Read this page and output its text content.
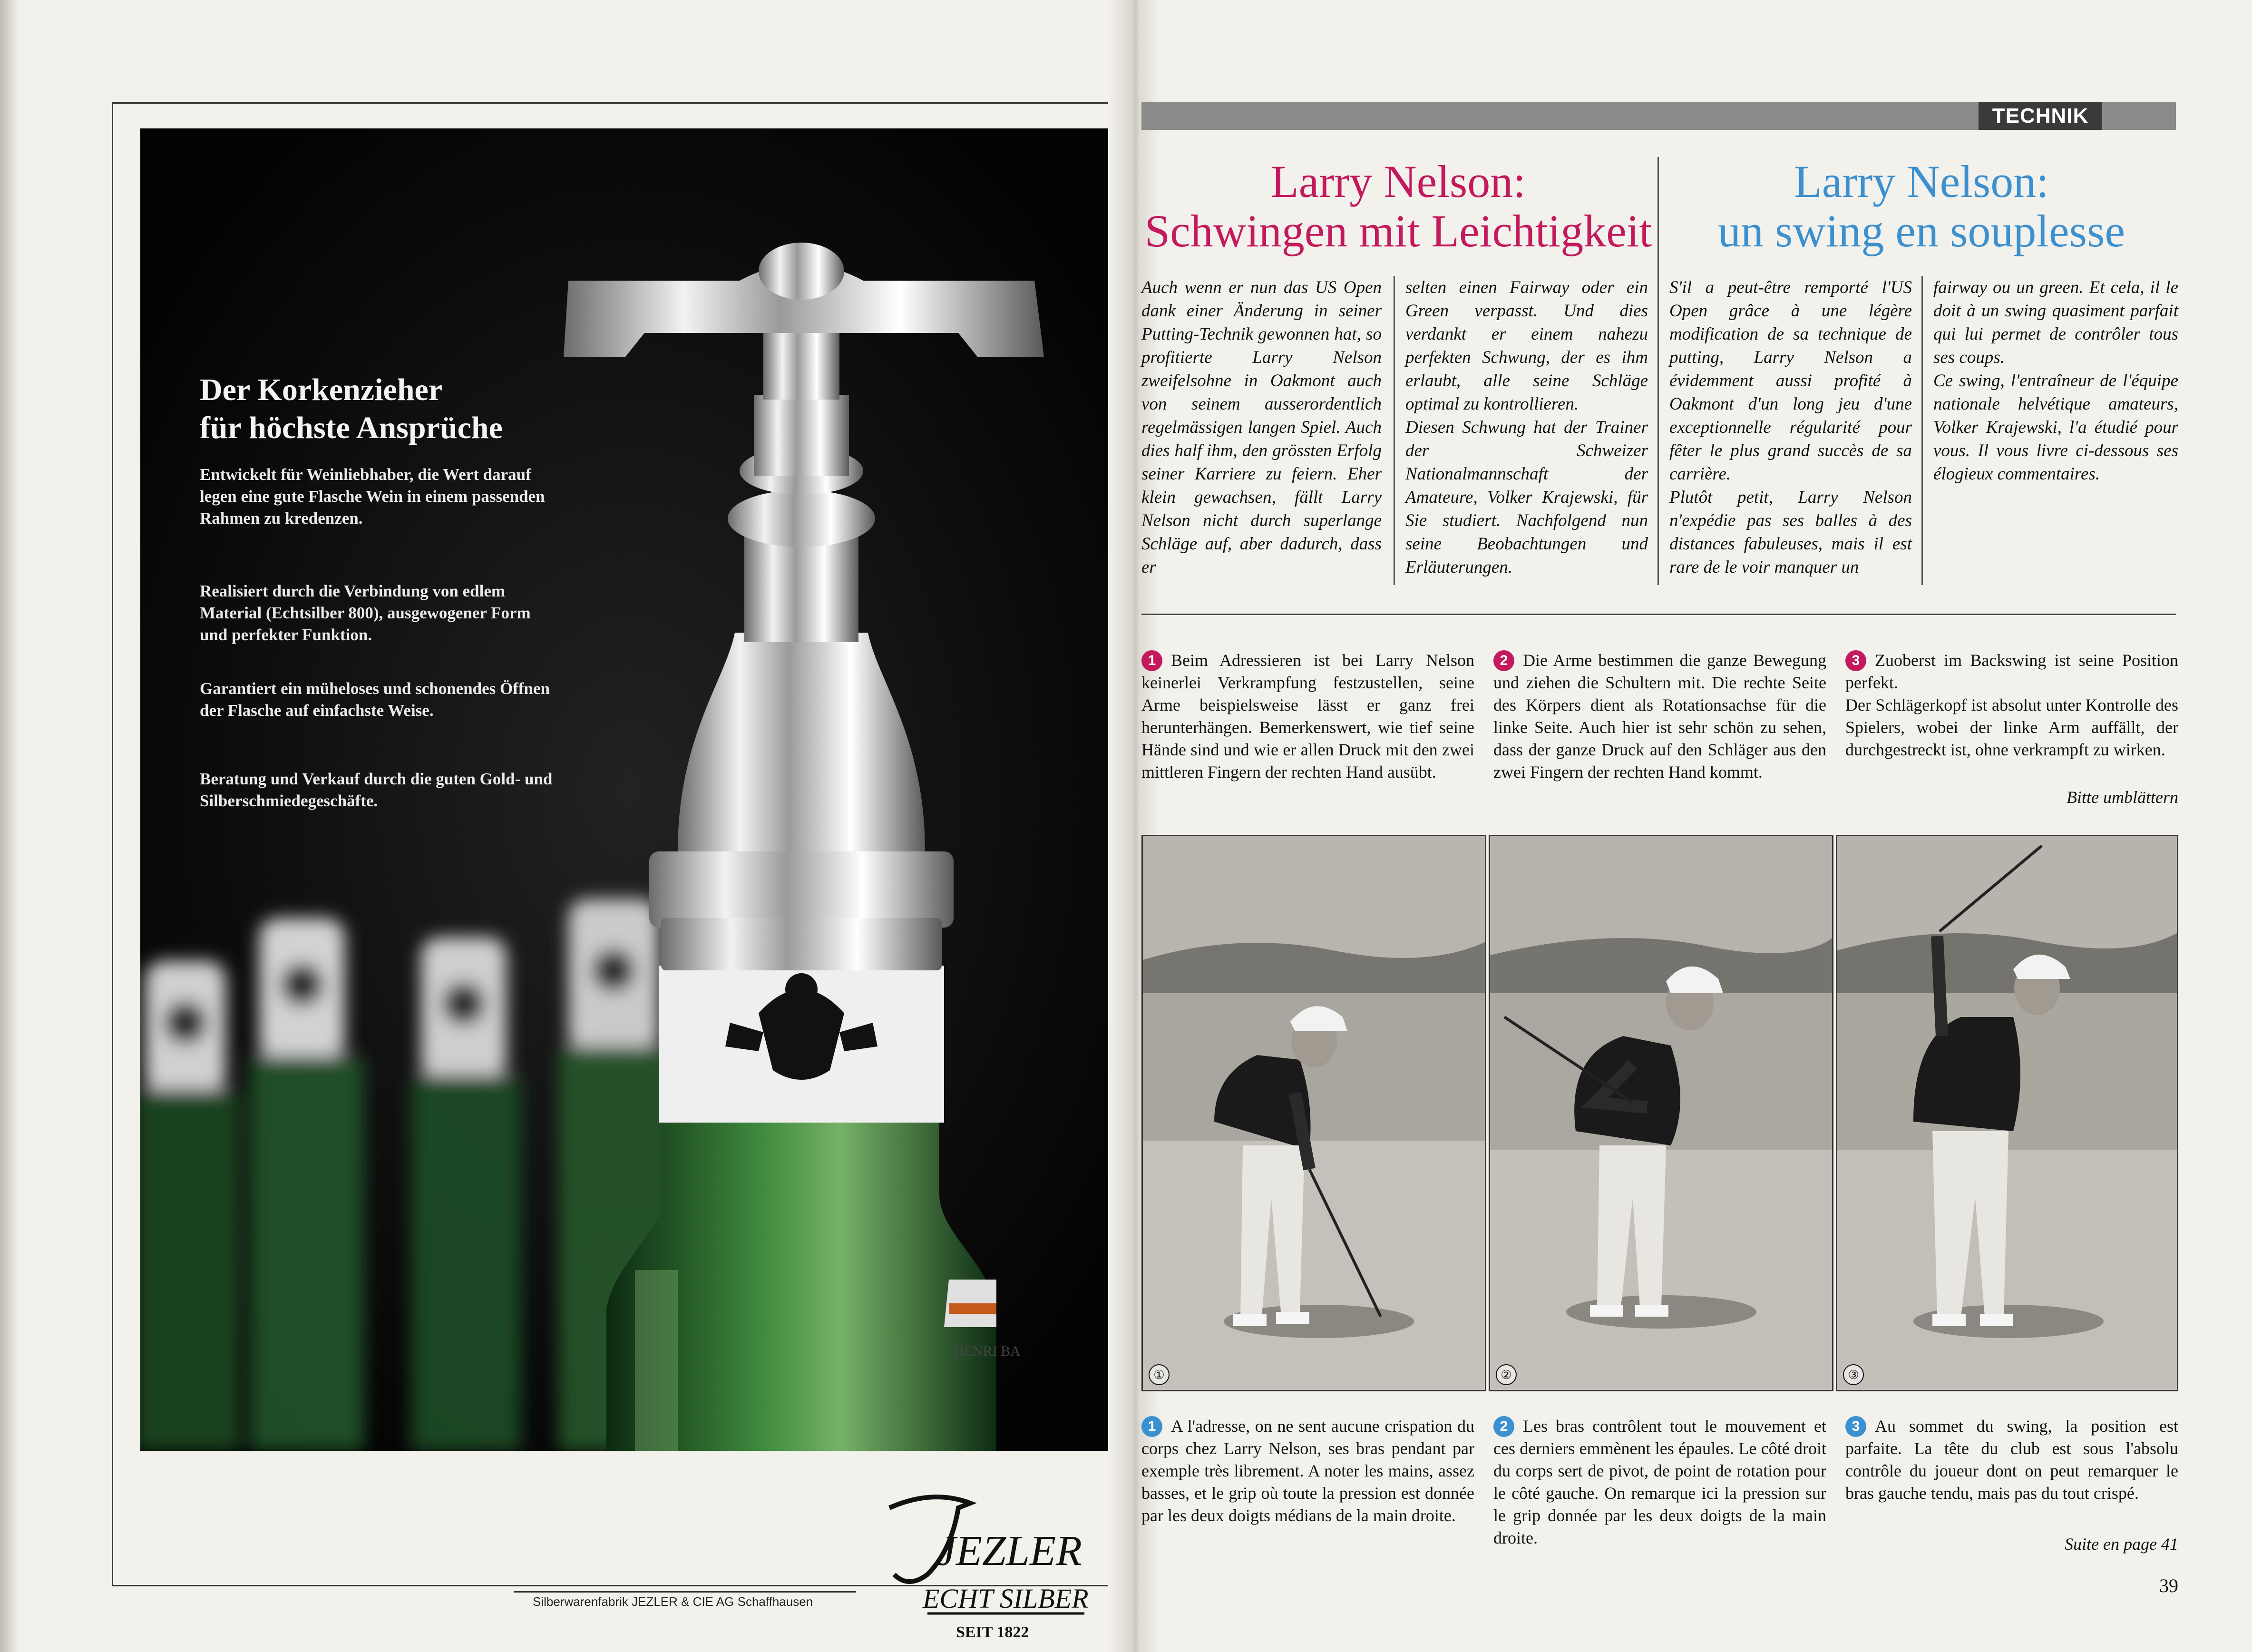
HENRI BA
Der Korkenzieher
für höchste Ansprüche
Entwickelt für Weinliebhaber, die Wert darauf legen eine gute Flasche Wein in einem passenden Rahmen zu kredenzen.
Realisiert durch die Verbindung von edlem Material (Echtsilber 800), ausgewogener Form und perfekter Funktion.
Garantiert ein müheloses und schonendes Öffnen der Flasche auf einfachste Weise.
Beratung und Verkauf durch die guten Gold- und Silberschmiedegeschäfte.
Silberwarenfabrik JEZLER & CIE AG Schaffhausen
JEZLER
ECHT SILBER
SEIT 1822
TECHNIK
Larry Nelson:
Schwingen mit Leichtigkeit
Larry Nelson:
un swing en souplesse
Auch wenn er nun das US Open dank einer Änderung in seiner Putting-Technik gewonnen hat, so profitierte Larry Nelson zweifelsohne in Oakmont auch von seinem ausserordentlich regelmässigen langen Spiel. Auch dies half ihm, den grössten Erfolg seiner Karriere zu feiern. Eher klein gewachsen, fällt Larry Nelson nicht durch superlange Schläge auf, aber dadurch, dass er
selten einen Fairway oder ein Green verpasst. Und dies verdankt er einem nahezu perfekten Schwung, der es ihm erlaubt, alle seine Schläge optimal zu kontrollieren.
Diesen Schwung hat der Trainer der Schweizer Nationalmannschaft der Amateure, Volker Krajewski, für Sie studiert. Nachfolgend nun seine Beobachtungen und Erläuterungen.
S'il a peut-être remporté l'US Open grâce à une légère modification de sa technique de putting, Larry Nelson a évidemment aussi profité à Oakmont d'un long jeu d'une exceptionnelle régularité pour fêter le plus grand succès de sa carrière.
Plutôt petit, Larry Nelson n'expédie pas ses balles à des distances fabuleuses, mais il est rare de le voir manquer un
fairway ou un green. Et cela, il le doit à un swing quasiment parfait qui lui permet de contrôler tous ses coups.
Ce swing, l'entraîneur de l'équipe nationale helvétique amateurs, Volker Krajewski, l'a étudié pour vous. Il vous livre ci-dessous ses élogieux commentaires.
1 Beim Adressieren ist bei Larry Nelson keinerlei Verkrampfung festzustellen, seine Arme beispielsweise lässt er ganz frei herunterhängen. Bemerkenswert, wie tief seine Hände sind und wie er allen Druck mit den zwei mittleren Fingern der rechten Hand ausübt.
2 Die Arme bestimmen die ganze Bewegung und ziehen die Schultern mit. Die rechte Seite des Körpers dient als Rotationsachse für die linke Seite. Auch hier ist sehr schön zu sehen, dass der ganze Druck auf den Schläger aus den zwei Fingern der rechten Hand kommt.
3 Zuoberst im Backswing ist seine Position perfekt.
Der Schlägerkopf ist absolut unter Kontrolle des Spielers, wobei der linke Arm auffällt, der durchgestreckt ist, ohne verkrampft zu wirken.
Bitte umblättern
①	②	③
1 A l'adresse, on ne sent aucune crispation du corps chez Larry Nelson, ses bras pendant par exemple très librement. A noter les mains, assez basses, et le grip où toute la pression est donnée par les deux doigts médians de la main droite.
2 Les bras contrôlent tout le mouvement et ces derniers emmènent les épaules. Le côté droit du corps sert de pivot, de point de rotation pour le côté gauche. On remarque ici la pression sur le grip donnée par les deux doigts de la main droite.
3 Au sommet du swing, la position est parfaite. La tête du club est sous l'absolu contrôle du joueur dont on peut remarquer le bras gauche tendu, mais pas du tout crispé.
Suite en page 41
39
